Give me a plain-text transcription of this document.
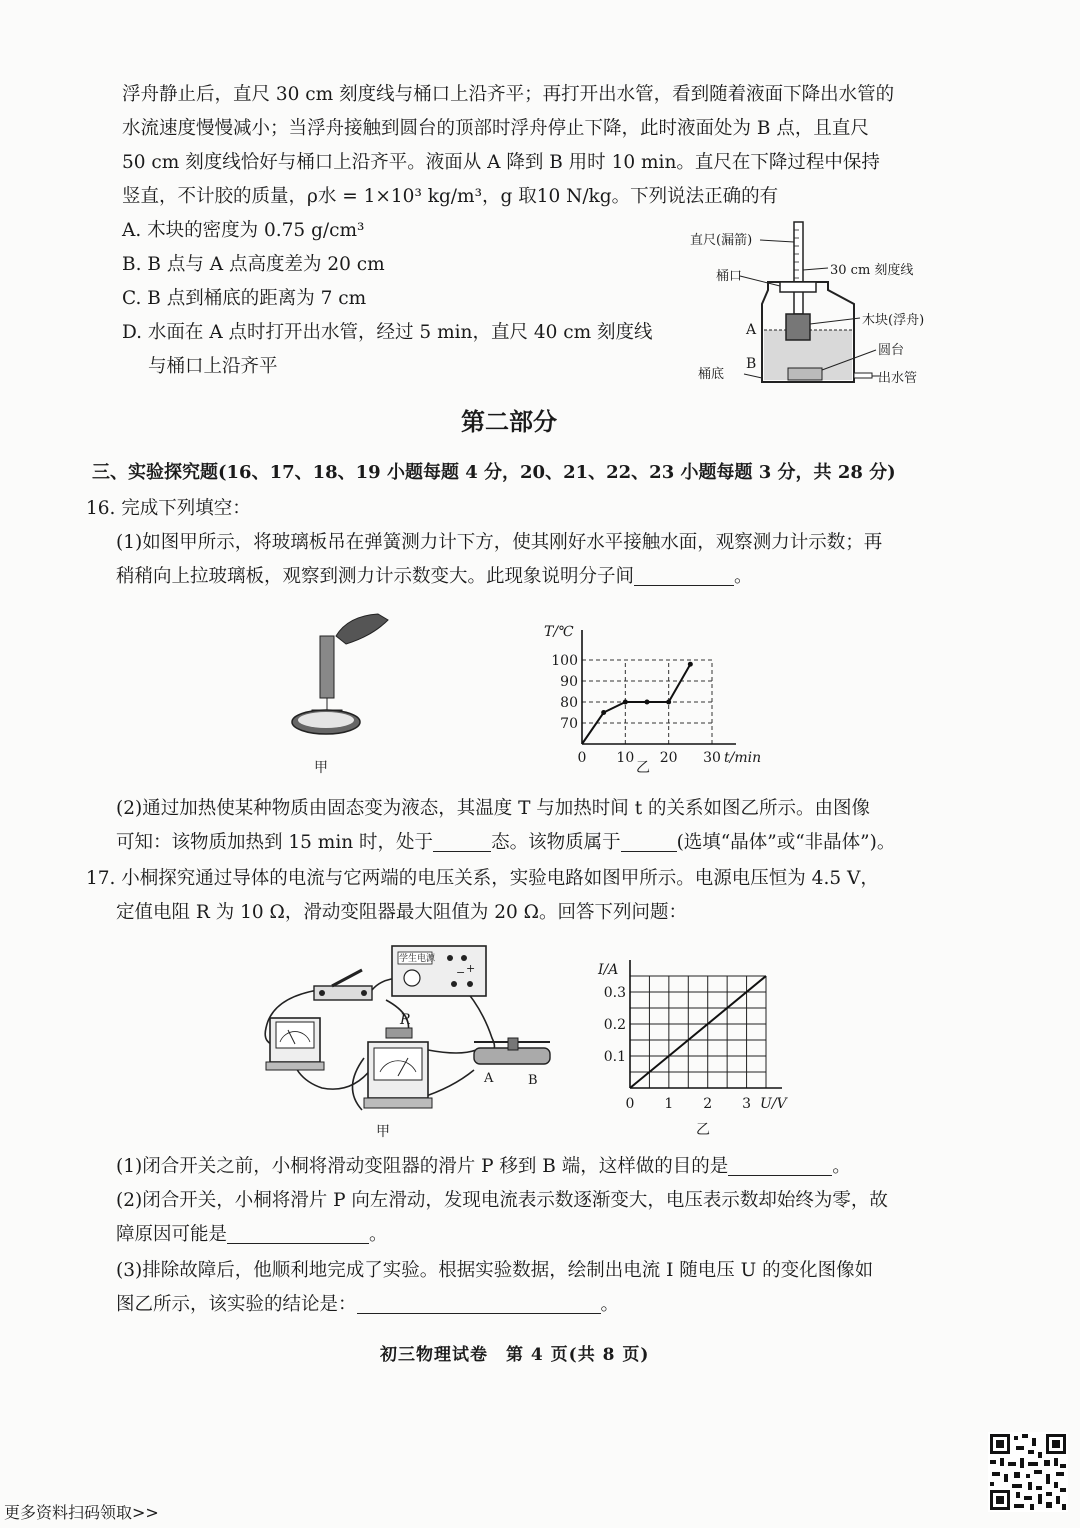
浮舟静止后，直尺 30 cm 刻度线与桶口上沿齐平；再打开出水管，看到随着液面下降出水管的
水流速度慢慢减小；当浮舟接触到圆台的顶部时浮舟停止下降，此时液面处为 B 点，且直尺
50 cm 刻度线恰好与桶口上沿齐平。液面从 A 降到 B 用时 10 min。直尺在下降过程中保持
竖直，不计胶的质量，ρ水 = 1×10³ kg/m³，g 取10 N/kg。下列说法正确的有
A. 木块的密度为 0.75 g/cm³
B. B 点与 A 点高度差为 20 cm
C. B 点到桶底的距离为 7 cm
D. 水面在 A 点时打开出水管，经过 5 min，直尺 40 cm 刻度线
与桶口上沿齐平
直尺(漏箭)
桶口	30 cm 刻度线
木块(浮舟)
A
B
圆台
桶底	出水管
第二部分
三、实验探究题(16、17、18、19 小题每题 4 分，20、21、22、23 小题每题 3 分，共 28 分)
16. 完成下列填空：
(1)如图甲所示，将玻璃板吊在弹簧测力计下方，使其刚好水平接触水面，观察测力计示数；再
稍稍向上拉玻璃板，观察到测力计示数变大。此现象说明分子间	。
甲
70
80
90
100
0 10 20 30
T/℃
t/min
乙
(2)通过加热使某种物质由固态变为液态，其温度 T 与加热时间 t 的关系如图乙所示。由图像
可知：该物质加热到 15 min 时，处于	态。该物质属于	(选填“晶体”或“非晶体”)。
17. 小桐探究通过导体的电流与它两端的电压关系，实验电路如图甲所示。电源电压恒为 4.5 V，
定值电阻 R 为 10 Ω，滑动变阻器最大阻值为 20 Ω。回答下列问题：
− +
学生电源
R
A	B
甲
0.1
0.2
0.3
0 1 2 3
I/A
U/V
乙
(1)闭合开关之前，小桐将滑动变阻器的滑片 P 移到 B 端，这样做的目的是	。
(2)闭合开关，小桐将滑片 P 向左滑动，发现电流表示数逐渐变大，电压表示数却始终为零，故
障原因可能是	。
(3)排除故障后，他顺利地完成了实验。根据实验数据，绘制出电流 I 随电压 U 的变化图像如
图乙所示，该实验的结论是：	。
初三物理试卷　第 4 页(共 8 页)
更多资料扫码领取>>
